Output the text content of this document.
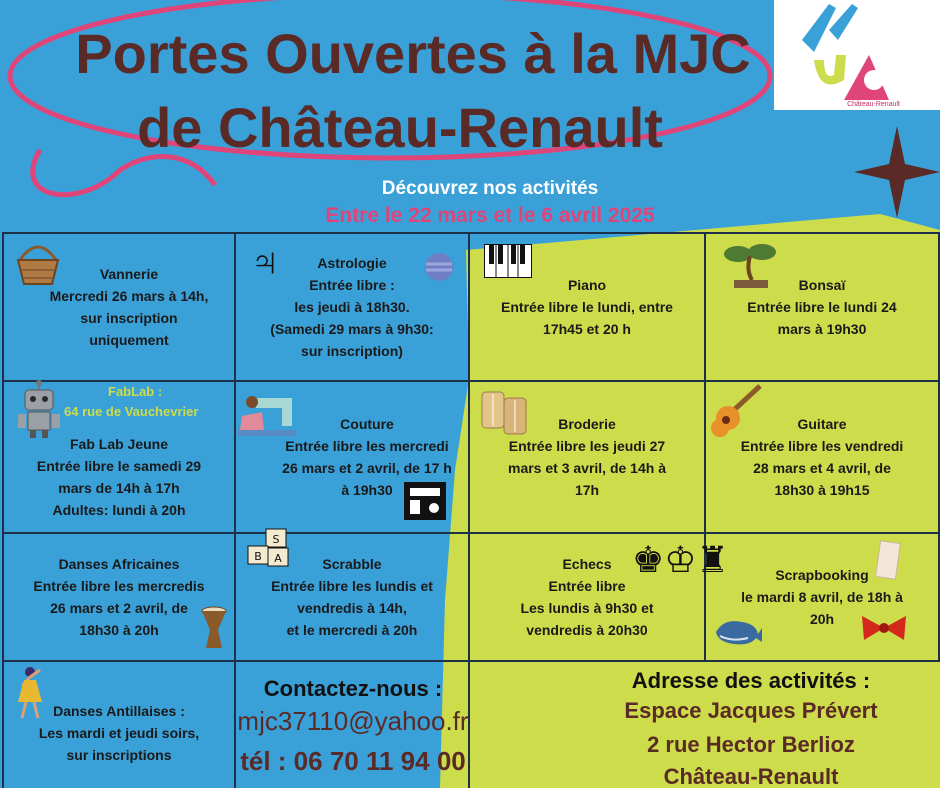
Portes Ouvertes à la MJC
de Château-Renault	Château-Renault
Découvrez nos activités
Entre le 22 mars et le 6 avril 2025
Vannerie
Mercredi 26 mars à 14h,
sur inscription
uniquement
Astrologie
Entrée libre :
les jeudi à 18h30.
(Samedi 29 mars à 9h30:
sur inscription)
Piano
Entrée libre le lundi, entre
17h45 et 20 h
Bonsaï
Entrée libre le lundi 24
mars à 19h30
Fab Lab Jeune
Entrée libre le samedi 29
mars de 14h à 17h
Adultes: lundi à 20h
Couture
Entrée libre les mercredi
26 mars et 2 avril, de 17 h
à 19h30
Broderie
Entrée libre les jeudi 27
mars et 3 avril, de 14h à
17h
Guitare
Entrée libre les vendredi
28 mars et 4 avril, de
18h30 à 19h15
Danses Africaines
Entrée libre les mercredis
26 mars et 2 avril, de
18h30 à 20h
Scrabble
Entrée libre les lundis et
vendredis à 14h,
et le mercredi à 20h
Echecs
Entrée libre
Les lundis à 9h30 et
vendredis à 20h30
Scrapbooking
le mardi 8 avril, de 18h à
20h
Danses Antillaises :
Les mardi et jeudi soirs,
sur inscriptions
FabLab :
64 rue de Vauchevrier
♃
S
B A	♚♔♜
Contactez-nous :
mjc37110@yahoo.fr
tél : 06 70 11 94 00
Adresse des activités :
Espace Jacques Prévert
2 rue Hector Berlioz
Château-Renault
